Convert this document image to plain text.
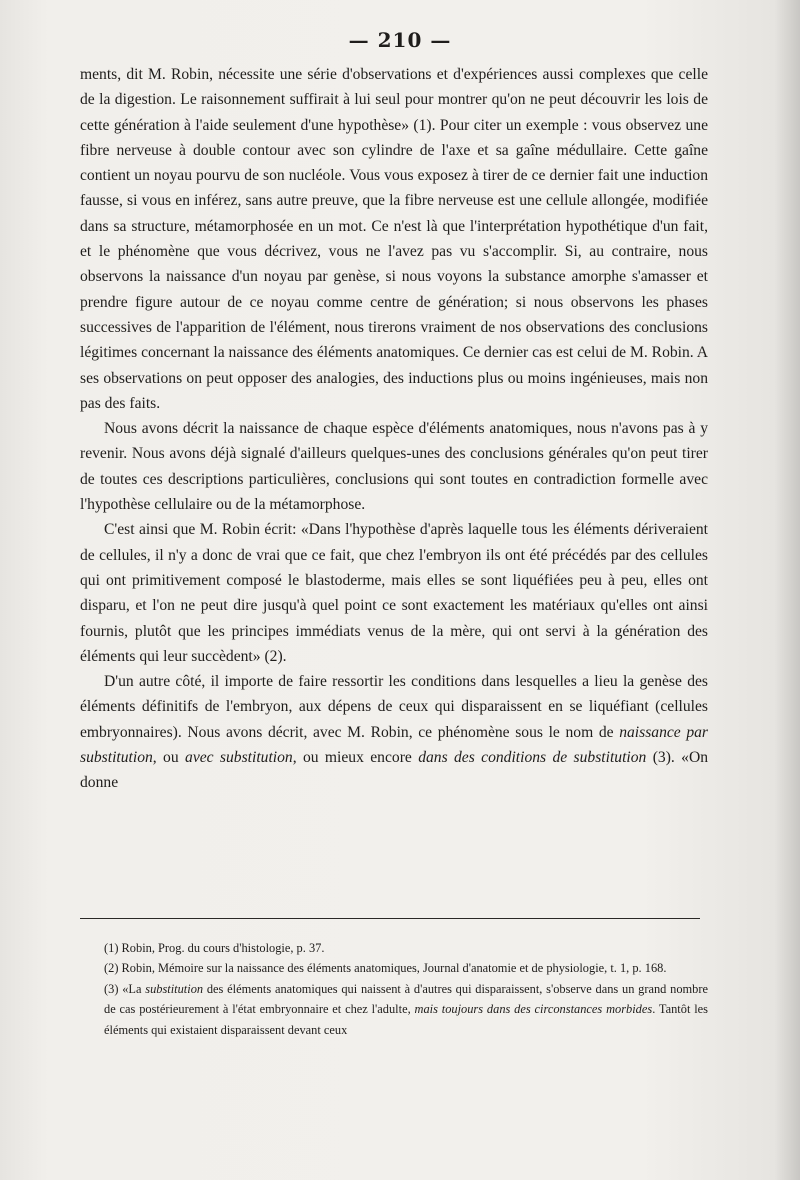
— 210 —

ments, dit M. Robin, nécessite une série d'observations et d'expériences aussi complexes que celle de la digestion. Le raisonnement suffirait à lui seul pour montrer qu'on ne peut découvrir les lois de cette génération à l'aide seulement d'une hypothèse» (1). Pour citer un exemple : vous observez une fibre nerveuse à double contour avec son cylindre de l'axe et sa gaîne médullaire. Cette gaîne contient un noyau pourvu de son nucléole. Vous vous exposez à tirer de ce dernier fait une induction fausse, si vous en inférez, sans autre preuve, que la fibre nerveuse est une cellule allongée, modifiée dans sa structure, métamorphosée en un mot. Ce n'est là que l'interprétation hypothétique d'un fait, et le phénomène que vous décrivez, vous ne l'avez pas vu s'accomplir. Si, au contraire, nous observons la naissance d'un noyau par genèse, si nous voyons la substance amorphe s'amasser et prendre figure autour de ce noyau comme centre de génération; si nous observons les phases successives de l'apparition de l'élément, nous tirerons vraiment de nos observations des conclusions légitimes concernant la naissance des éléments anatomiques. Ce dernier cas est celui de M. Robin. A ses observations on peut opposer des analogies, des inductions plus ou moins ingénieuses, mais non pas des faits.

Nous avons décrit la naissance de chaque espèce d'éléments anatomiques, nous n'avons pas à y revenir. Nous avons déjà signalé d'ailleurs quelques-unes des conclusions générales qu'on peut tirer de toutes ces descriptions particulières, conclusions qui sont toutes en contradiction formelle avec l'hypothèse cellulaire ou de la métamorphose.

C'est ainsi que M. Robin écrit: «Dans l'hypothèse d'après laquelle tous les éléments dériveraient de cellules, il n'y a donc de vrai que ce fait, que chez l'embryon ils ont été précédés par des cellules qui ont primitivement composé le blastoderme, mais elles se sont liquéfiées peu à peu, elles ont disparu, et l'on ne peut dire jusqu'à quel point ce sont exactement les matériaux qu'elles ont ainsi fournis, plutôt que les principes immédiats venus de la mère, qui ont servi à la génération des éléments qui leur succèdent» (2).

D'un autre côté, il importe de faire ressortir les conditions dans lesquelles a lieu la genèse des éléments définitifs de l'embryon, aux dépens de ceux qui disparaissent en se liquéfiant (cellules embryonnaires). Nous avons décrit, avec M. Robin, ce phénomène sous le nom de naissance par substitution, ou avec substitution, ou mieux encore dans des conditions de substitution (3). «On donne

(1) Robin, Prog. du cours d'histologie, p. 37.

(2) Robin, Mémoire sur la naissance des éléments anatomiques, Journal d'anatomie et de physiologie, t. 1, p. 168.

(3) «La substitution des éléments anatomiques qui naissent à d'autres qui disparaissent, s'observe dans un grand nombre de cas postérieurement à l'état embryonnaire et chez l'adulte, mais toujours dans des circonstances morbides. Tantôt les éléments qui existaient disparaissent devant ceux
